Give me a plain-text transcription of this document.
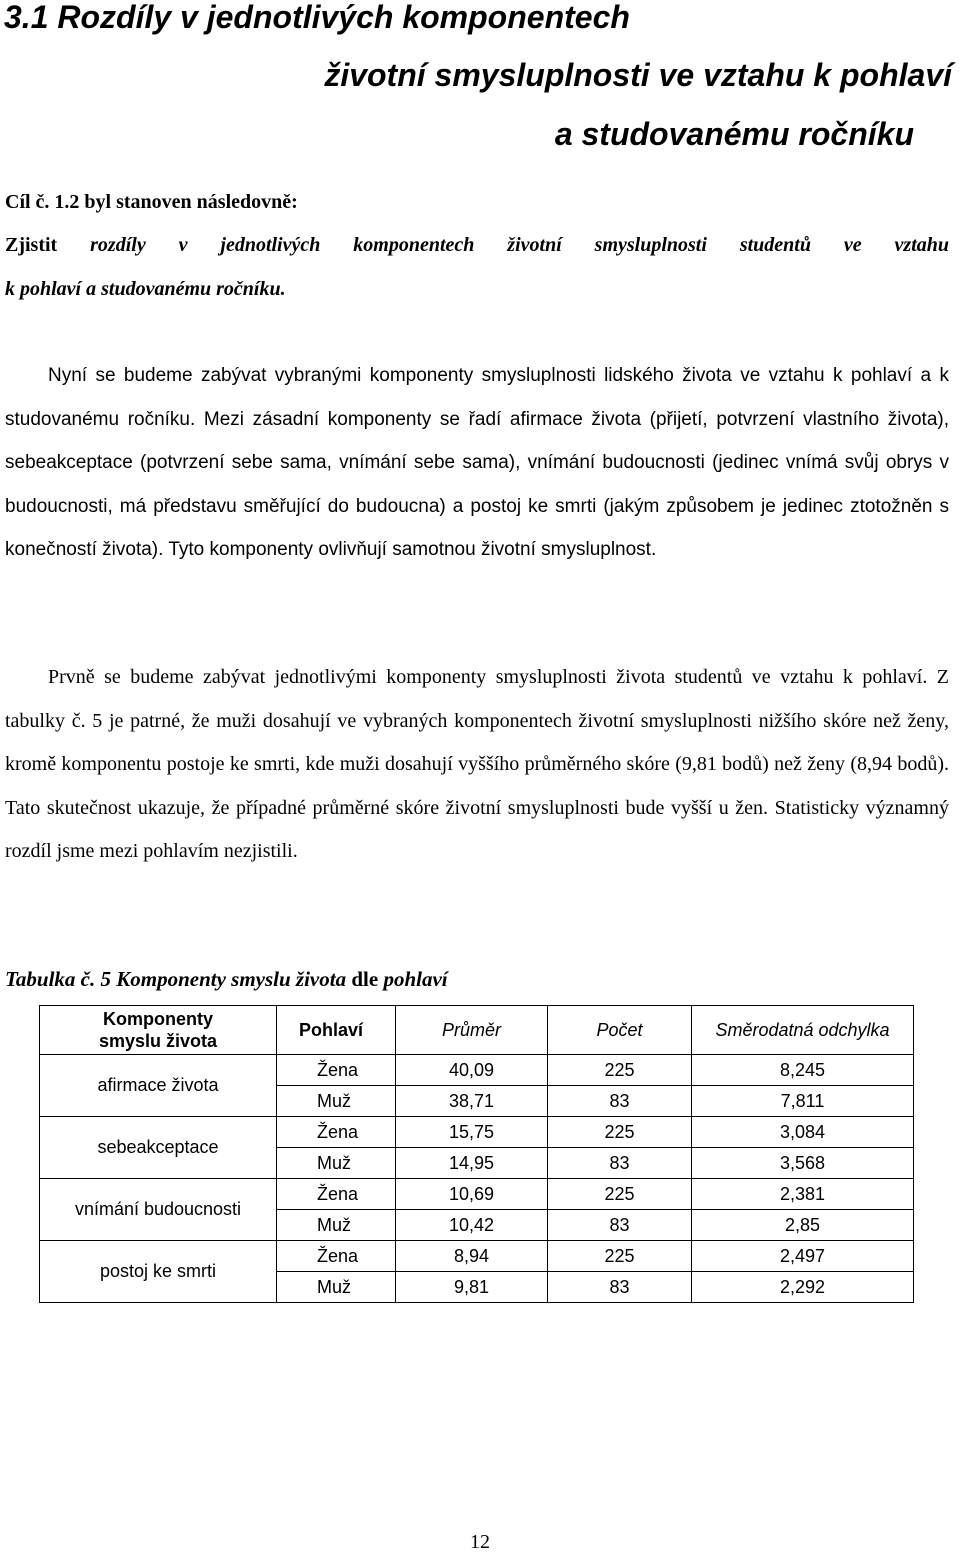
3.1 Rozdíly v jednotlivých komponentech
životní smysluplnosti ve vztahu k pohlaví
a studovanému ročníku

Cíl č. 1.2 byl stanoven následovně:

Zjistit rozdíly v jednotlivých komponentech životní smysluplnosti studentů ve vztahu

k pohlaví a studovanému ročníku.

Nyní se budeme zabývat vybranými komponenty smysluplnosti lidského života ve vztahu k pohlaví a k studovanému ročníku. Mezi zásadní komponenty se řadí afirmace života (přijetí, potvrzení vlastního života), sebeakceptace (potvrzení sebe sama, vnímání sebe sama), vnímání budoucnosti (jedinec vnímá svůj obrys v budoucnosti, má představu směřující do budoucna) a postoj ke smrti (jakým způsobem je jedinec ztotožněn s konečností života). Tyto komponenty ovlivňují samotnou životní smysluplnost.

Prvně se budeme zabývat jednotlivými komponenty smysluplnosti života studentů ve vztahu k pohlaví. Z tabulky č. 5 je patrné, že muži dosahují ve vybraných komponentech životní smysluplnosti nižšího skóre než ženy, kromě komponentu postoje ke smrti, kde muži dosahují vyššího průměrného skóre (9,81 bodů) než ženy (8,94 bodů). Tato skutečnost ukazuje, že případné průměrné skóre životní smysluplnosti bude vyšší u žen. Statisticky významný rozdíl jsme mezi pohlavím nezjistili.

Tabulka č. 5 Komponenty smyslu života dle pohlaví

Komponenty
smyslu života	Pohlaví	Průměr	Počet	Směrodatná odchylka
afirmace života	Žena	40,09	225	8,245
	Muž	38,71	83	7,811
sebeakceptace	Žena	15,75	225	3,084
	Muž	14,95	83	3,568
vnímání budoucnosti	Žena	10,69	225	2,381
	Muž	10,42	83	2,85
postoj ke smrti	Žena	8,94	225	2,497
	Muž	9,81	83	2,292

12
